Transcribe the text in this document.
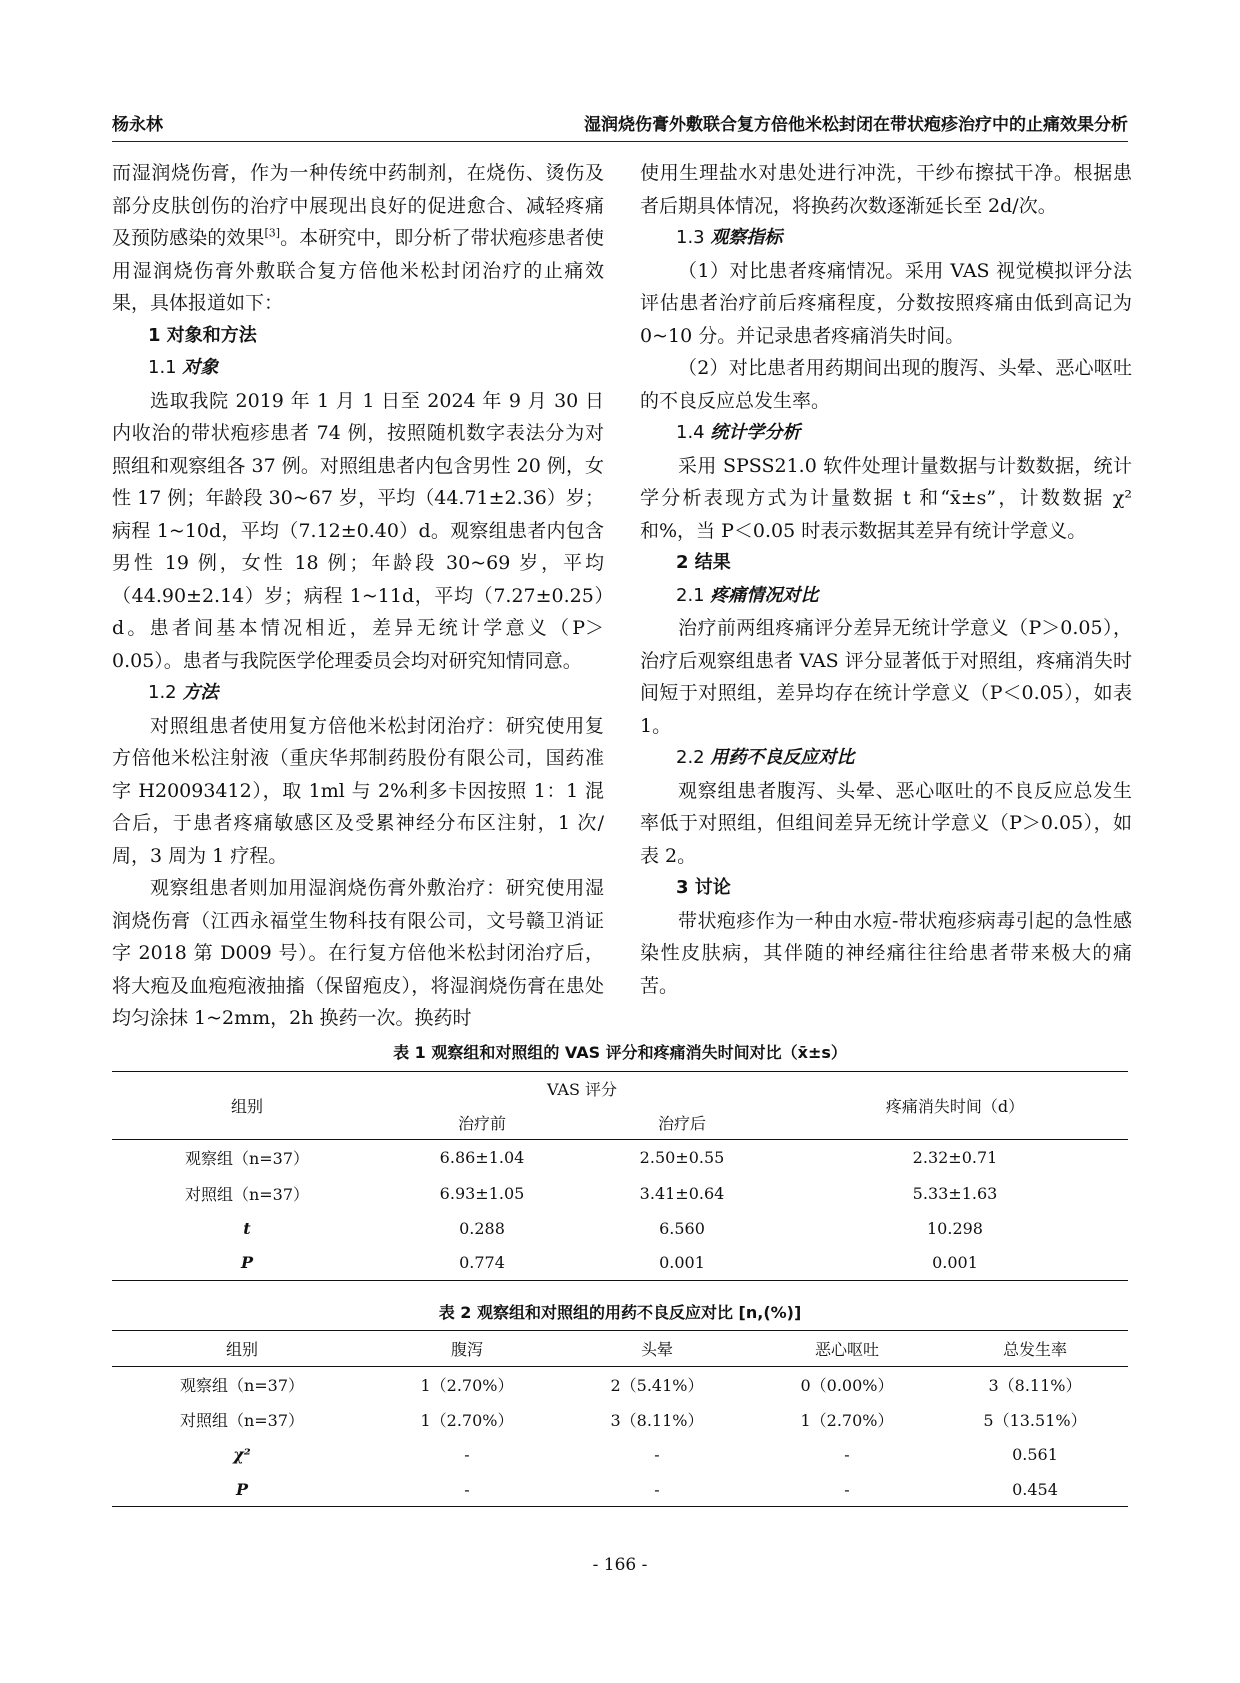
杨永林	湿润烧伤膏外敷联合复方倍他米松封闭在带状疱疹治疗中的止痛效果分析

而湿润烧伤膏，作为一种传统中药制剂，在烧伤、烫伤及部分皮肤创伤的治疗中展现出良好的促进愈合、减轻疼痛及预防感染的效果[3]。本研究中，即分析了带状疱疹患者使用湿润烧伤膏外敷联合复方倍他米松封闭治疗的止痛效果，具体报道如下：

1 对象和方法
1.1 对象

选取我院 2019 年 1 月 1 日至 2024 年 9 月 30 日内收治的带状疱疹患者 74 例，按照随机数字表法分为对照组和观察组各 37 例。对照组患者内包含男性 20 例，女性 17 例；年龄段 30~67 岁，平均（44.71±2.36）岁；病程 1~10d，平均（7.12±0.40）d。观察组患者内包含男性 19 例，女性 18 例；年龄段 30~69 岁，平均（44.90±2.14）岁；病程 1~11d，平均（7.27±0.25）d。患者间基本情况相近，差异无统计学意义（P＞0.05）。患者与我院医学伦理委员会均对研究知情同意。

1.2 方法

对照组患者使用复方倍他米松封闭治疗：研究使用复方倍他米松注射液（重庆华邦制药股份有限公司，国药准字 H20093412），取 1ml 与 2%利多卡因按照 1：1 混合后，于患者疼痛敏感区及受累神经分布区注射，1 次/周，3 周为 1 疗程。

观察组患者则加用湿润烧伤膏外敷治疗：研究使用湿润烧伤膏（江西永福堂生物科技有限公司，文号赣卫消证字 2018 第 D009 号）。在行复方倍他米松封闭治疗后，将大疱及血疱疱液抽搐（保留疱皮），将湿润烧伤膏在患处均匀涂抹 1~2mm，2h 换药一次。换药时

使用生理盐水对患处进行冲洗，干纱布擦拭干净。根据患者后期具体情况，将换药次数逐渐延长至 2d/次。

1.3 观察指标

（1）对比患者疼痛情况。采用 VAS 视觉模拟评分法评估患者治疗前后疼痛程度，分数按照疼痛由低到高记为 0~10 分。并记录患者疼痛消失时间。

（2）对比患者用药期间出现的腹泻、头晕、恶心呕吐的不良反应总发生率。

1.4 统计学分析

采用 SPSS21.0 软件处理计量数据与计数数据，统计学分析表现方式为计量数据 t 和“x̄±s”，计数数据 χ² 和%，当 P＜0.05 时表示数据其差异有统计学意义。

2 结果
2.1 疼痛情况对比

治疗前两组疼痛评分差异无统计学意义（P＞0.05），治疗后观察组患者 VAS 评分显著低于对照组，疼痛消失时间短于对照组，差异均存在统计学意义（P＜0.05），如表 1。

2.2 用药不良反应对比

观察组患者腹泻、头晕、恶心呕吐的不良反应总发生率低于对照组，但组间差异无统计学意义（P＞0.05），如表 2。

3 讨论

带状疱疹作为一种由水痘-带状疱疹病毒引起的急性感染性皮肤病，其伴随的神经痛往往给患者带来极大的痛苦。

表 1 观察组和对照组的 VAS 评分和疼痛消失时间对比（x̄±s）
组别	VAS 评分		疼痛消失时间（d）
	治疗前	治疗后	
观察组（n=37）	6.86±1.04	2.50±0.55	2.32±0.71
对照组（n=37）	6.93±1.05	3.41±0.64	5.33±1.63
t	0.288	6.560	10.298
P	0.774	0.001	0.001
表 2 观察组和对照组的用药不良反应对比 [n,(%)]
组别	腹泻	头晕	恶心呕吐	总发生率
观察组（n=37）	1（2.70%）	2（5.41%）	0（0.00%）	3（8.11%）
对照组（n=37）	1（2.70%）	3（8.11%）	1（2.70%）	5（13.51%）
χ²	-	-	-	0.561
P	-	-	-	0.454
- 166 -
